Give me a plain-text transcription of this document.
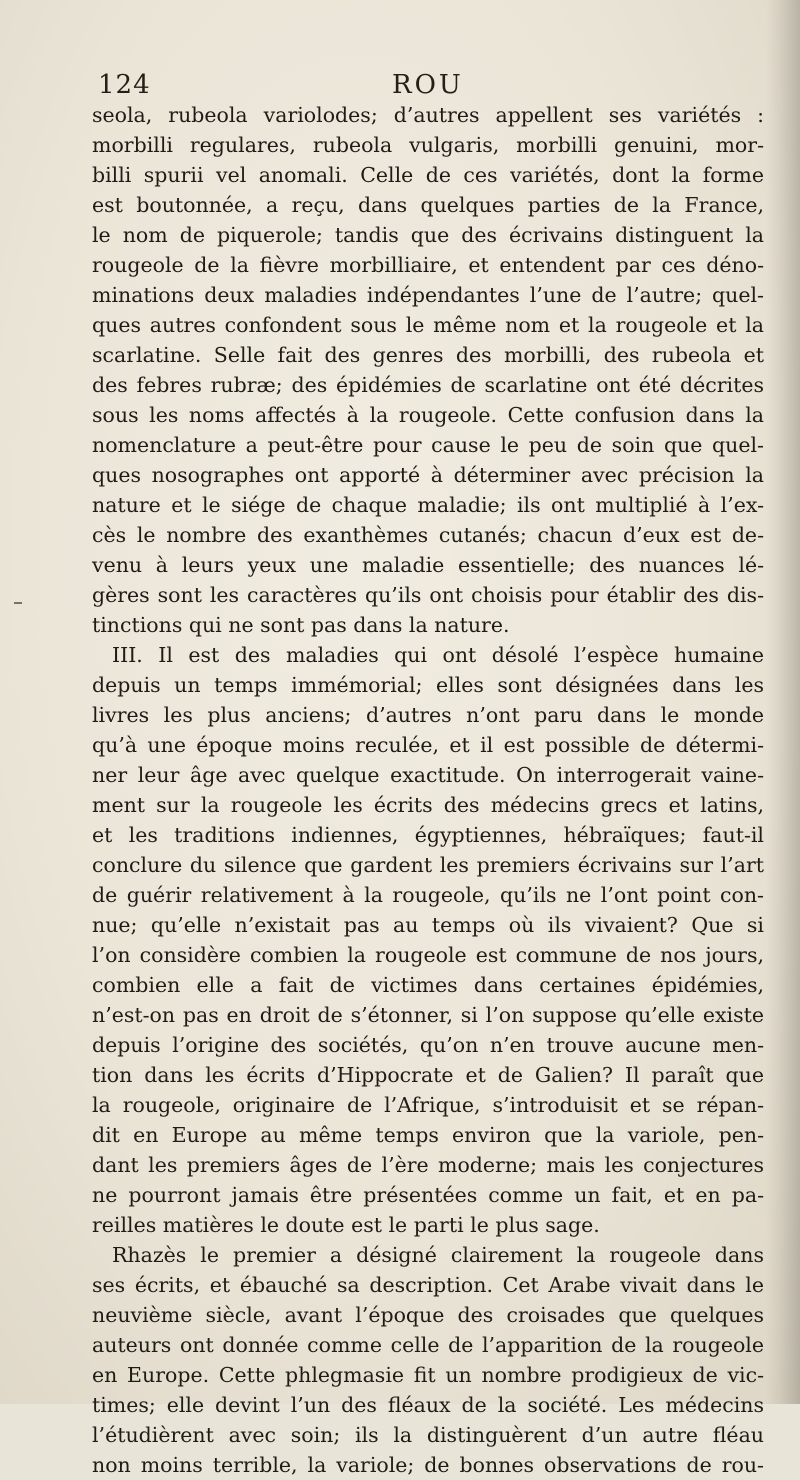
124	ROU
seola, rubeola variolodes; d’autres appellent ses variétés :
morbilli regulares, rubeola vulgaris, morbilli genuini, mor-
billi spurii vel anomali. Celle de ces variétés, dont la forme
est boutonnée, a reçu, dans quelques parties de la France,
le nom de piquerole; tandis que des écrivains distinguent la
rougeole de la fièvre morbilliaire, et entendent par ces déno-
minations deux maladies indépendantes l’une de l’autre; quel-
ques autres confondent sous le même nom et la rougeole et la
scarlatine. Selle fait des genres des morbilli, des rubeola et
des febres rubræ; des épidémies de scarlatine ont été décrites
sous les noms affectés à la rougeole. Cette confusion dans la
nomenclature a peut-être pour cause le peu de soin que quel-
ques nosographes ont apporté à déterminer avec précision la
nature et le siége de chaque maladie; ils ont multiplié à l’ex-
cès le nombre des exanthèmes cutanés; chacun d’eux est de-
venu à leurs yeux une maladie essentielle; des nuances lé-
gères sont les caractères qu’ils ont choisis pour établir des dis-
tinctions qui ne sont pas dans la nature.
III. Il est des maladies qui ont désolé l’espèce humaine
depuis un temps immémorial; elles sont désignées dans les
livres les plus anciens; d’autres n’ont paru dans le monde
qu’à une époque moins reculée, et il est possible de détermi-
ner leur âge avec quelque exactitude. On interrogerait vaine-
ment sur la rougeole les écrits des médecins grecs et latins,
et les traditions indiennes, égyptiennes, hébraïques; faut-il
conclure du silence que gardent les premiers écrivains sur l’art
de guérir relativement à la rougeole, qu’ils ne l’ont point con-
nue; qu’elle n’existait pas au temps où ils vivaient? Que si
l’on considère combien la rougeole est commune de nos jours,
combien elle a fait de victimes dans certaines épidémies,
n’est-on pas en droit de s’étonner, si l’on suppose qu’elle existe
depuis l’origine des sociétés, qu’on n’en trouve aucune men-
tion dans les écrits d’Hippocrate et de Galien? Il paraît que
la rougeole, originaire de l’Afrique, s’introduisit et se répan-
dit en Europe au même temps environ que la variole, pen-
dant les premiers âges de l’ère moderne; mais les conjectures
ne pourront jamais être présentées comme un fait, et en pa-
reilles matières le doute est le parti le plus sage.
Rhazès le premier a désigné clairement la rougeole dans
ses écrits, et ébauché sa description. Cet Arabe vivait dans le
neuvième siècle, avant l’époque des croisades que quelques
auteurs ont donnée comme celle de l’apparition de la rougeole
en Europe. Cette phlegmasie fit un nombre prodigieux de vic-
times; elle devint l’un des fléaux de la société. Les médecins
l’étudièrent avec soin; ils la distinguèrent d’un autre fléau
non moins terrible, la variole; de bonnes observations de rou-
